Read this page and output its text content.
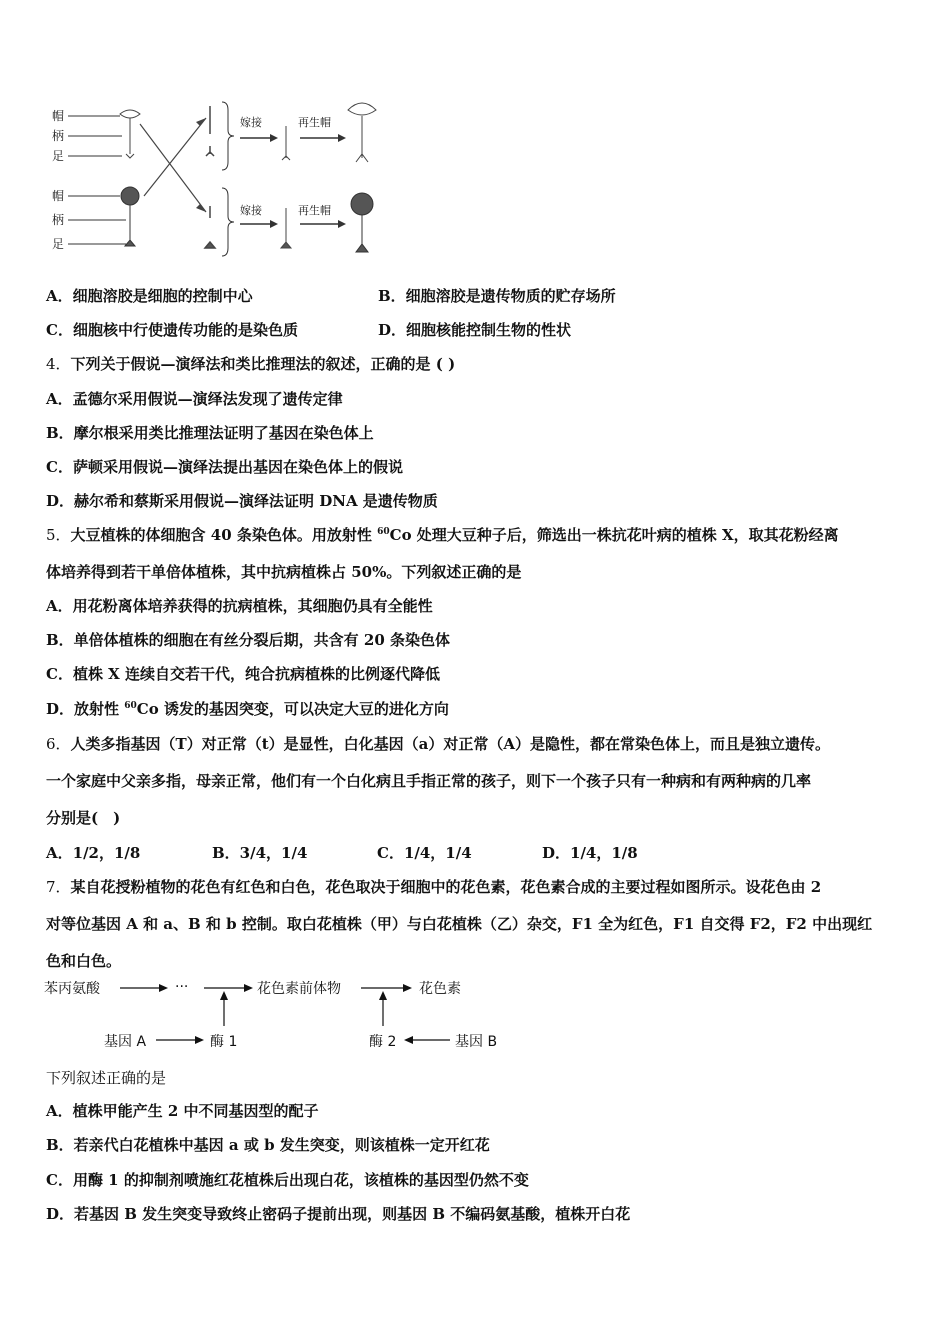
帽
柄
足
帽
柄
足
嫁接
嫁接
再生帽
再生帽
A．细胞溶胶是细胞的控制中心	B．细胞溶胶是遗传物质的贮存场所
C．细胞核中行使遗传功能的是染色质	D．细胞核能控制生物的性状
4．下列关于假说—演绎法和类比推理法的叙述，正确的是 ( )
A．孟德尔采用假说—演绎法发现了遗传定律
B．摩尔根采用类比推理法证明了基因在染色体上
C．萨顿采用假说—演绎法提出基因在染色体上的假说
D．赫尔希和蔡斯采用假说—演绎法证明 DNA 是遗传物质
5．大豆植株的体细胞含 40 条染色体。用放射性 $^{60}$Co 处理大豆种子后，筛选出一株抗花叶病的植株 X，取其花粉经离
体培养得到若干单倍体植株，其中抗病植株占 50%。下列叙述正确的是
A．用花粉离体培养获得的抗病植株，其细胞仍具有全能性
B．单倍体植株的细胞在有丝分裂后期，共含有 20 条染色体
C．植株 X 连续自交若干代，纯合抗病植株的比例逐代降低
D．放射性 $^{60}$Co 诱发的基因突变，可以决定大豆的进化方向
6．人类多指基因（T）对正常（t）是显性，白化基因（a）对正常（A）是隐性，都在常染色体上，而且是独立遗传。
一个家庭中父亲多指，母亲正常，他们有一个白化病且手指正常的孩子，则下一个孩子只有一种病和有两种病的几率
分别是(　)
A．1/2，1/8	B．3/4，1/4	C．1/4，1/4	D．1/4，1/8
7．某自花授粉植物的花色有红色和白色，花色取决于细胞中的花色素，花色素合成的主要过程如图所示。设花色由 2
对等位基因 A 和 a、B 和 b 控制。取白花植株（甲）与白花植株（乙）杂交，F1 全为红色，F1 自交得 F2，F2 中出现红
色和白色。
苯丙氨酸	···	花色素前体物	花色素
基因 A	酶 1	酶 2	基因 B
下列叙述正确的是
A．植株甲能产生 2 中不同基因型的配子
B．若亲代白花植株中基因 a 或 b 发生突变，则该植株一定开红花
C．用酶 1 的抑制剂喷施红花植株后出现白花，该植株的基因型仍然不变
D．若基因 B 发生突变导致终止密码子提前出现，则基因 B 不编码氨基酸，植株开白花
